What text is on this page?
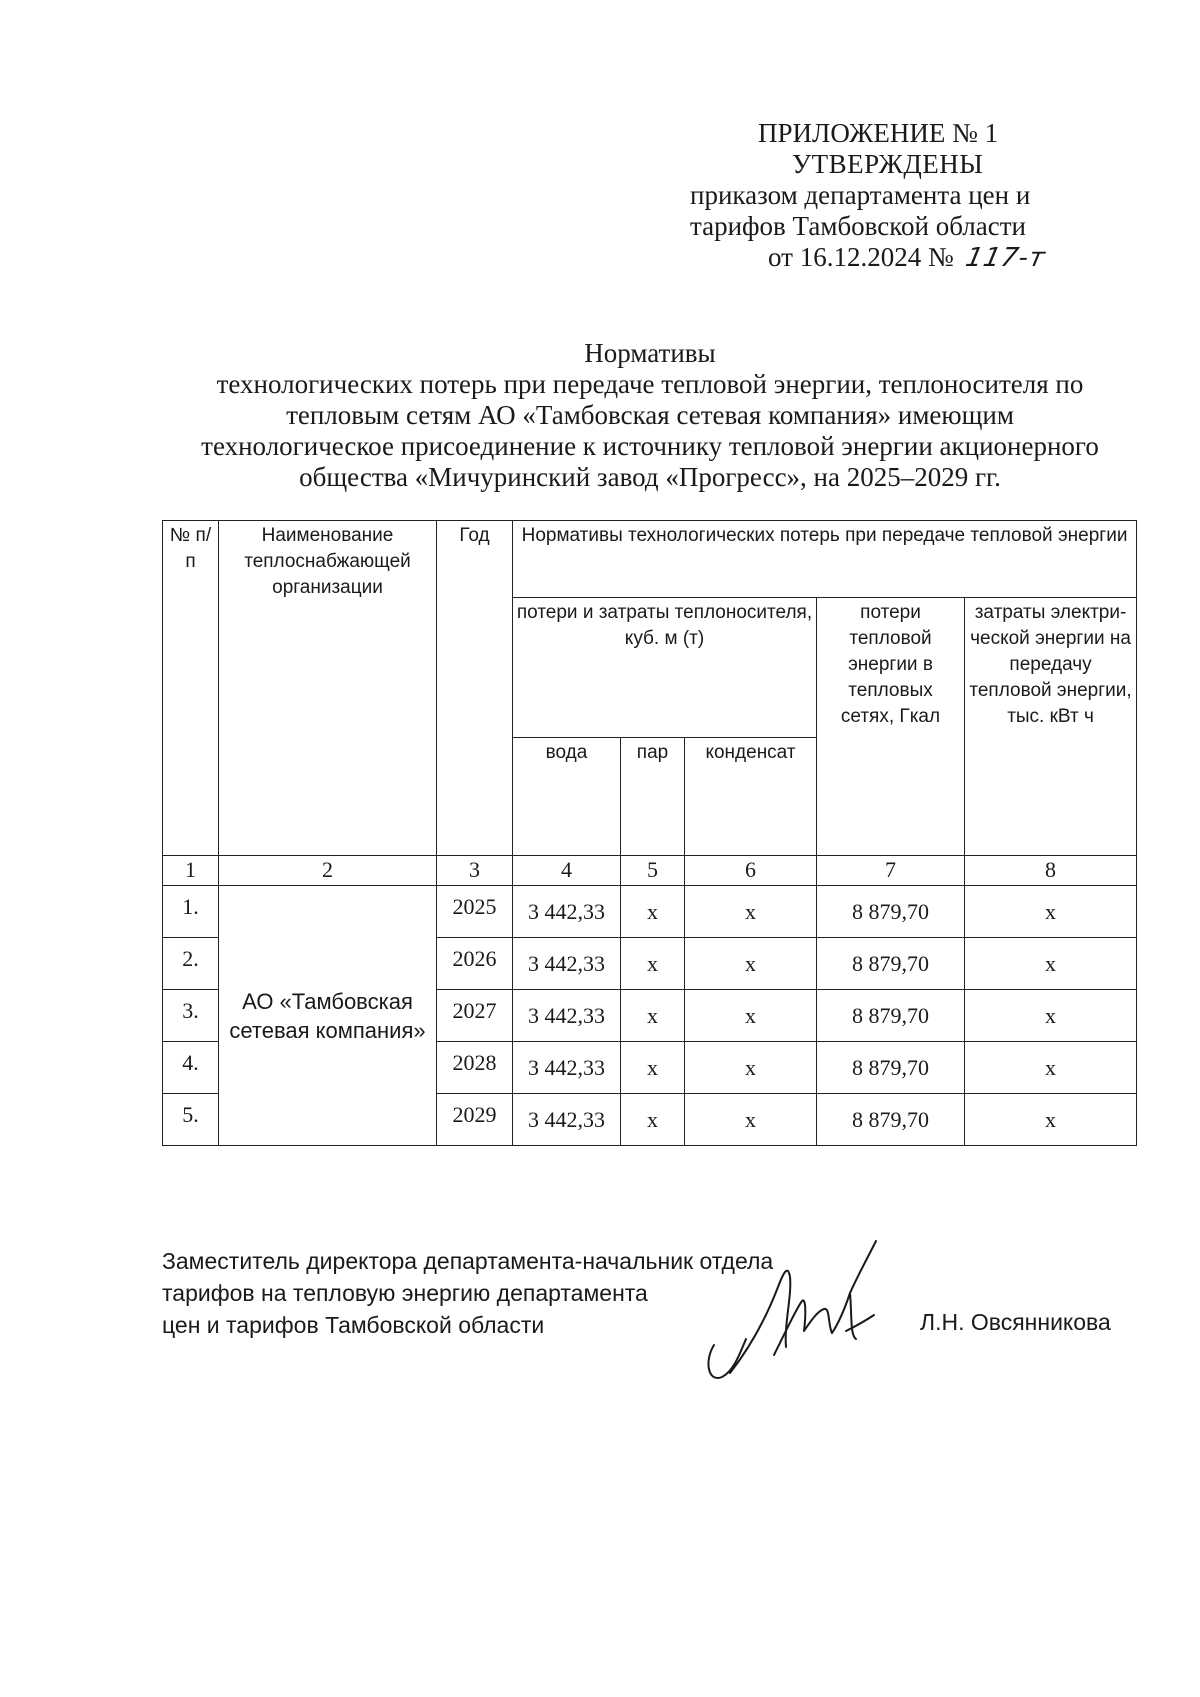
ПРИЛОЖЕНИЕ № 1
УТВЕРЖДЕНЫ
приказом департамента цен и
тарифов Тамбовской области
от 16.12.2024 № 117-т
Нормативы
технологических потерь при передаче тепловой энергии, теплоносителя по
тепловым сетям АО «Тамбовская сетевая компания» имеющим
технологическое присоединение к источнику тепловой энергии акционерного
общества «Мичуринский завод «Прогресс», на 2025–2029 гг.
№ п/п	Наименование теплоснабжающей организации	Год	Нормативы технологических потерь при передаче тепловой энергии				
			потери и затраты теплоносителя, куб. м (т)			потери тепловой энергии в тепловых сетях, Гкал	затраты электри- ческой энергии на передачу тепловой энергии, тыс. кВт ч
			вода	пар	конденсат		
1	2	3	4	5	6	7	8
1.	АО «Тамбовская сетевая компания»	2025	3 442,33	х	х	8 879,70	х
2.		2026	3 442,33	х	х	8 879,70	х
3.		2027	3 442,33	х	х	8 879,70	х
4.		2028	3 442,33	х	х	8 879,70	х
5.		2029	3 442,33	х	х	8 879,70	х
Заместитель директора департамента-начальник отдела
тарифов на тепловую энергию департамента
цен и тарифов Тамбовской области	Л.Н. Овсянникова
